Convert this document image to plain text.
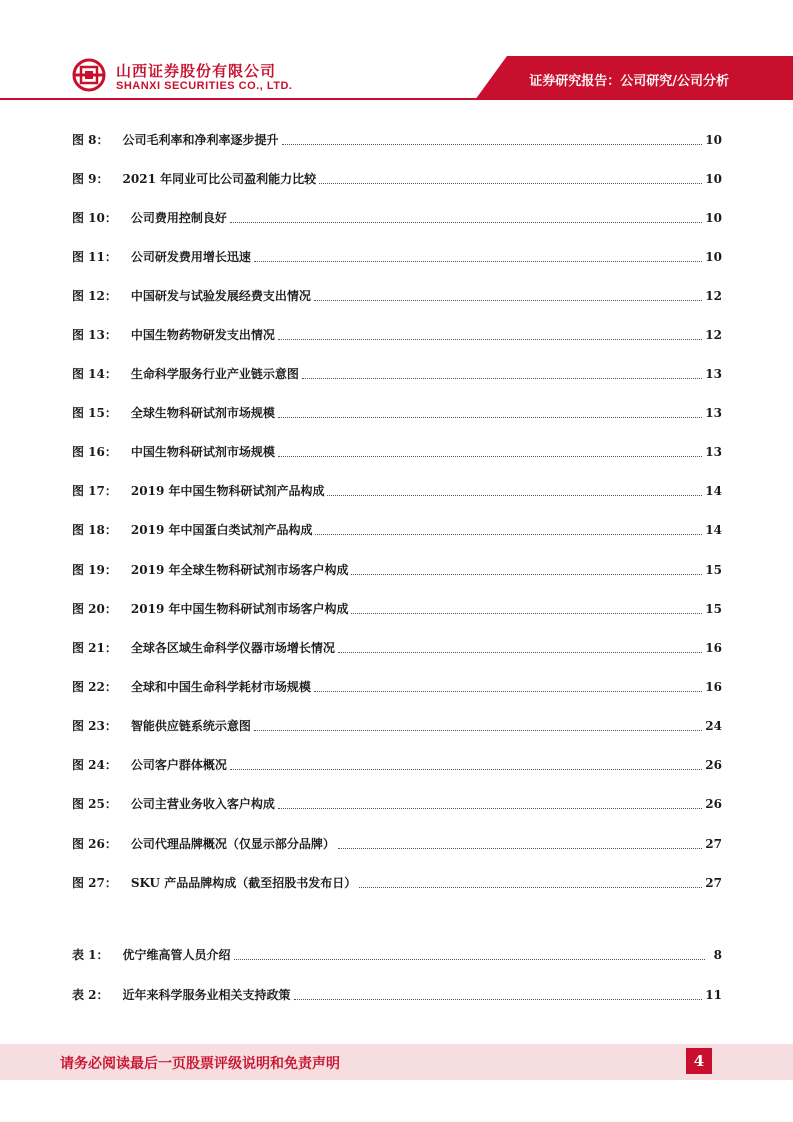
山西证券股份有限公司
SHANXI SECURITIES CO., LTD.	证券研究报告：公司研究/公司分析
图 8： 公司毛利率和净利率逐步提升	10
图 9： 2021 年同业可比公司盈利能力比较	10
图 10： 公司费用控制良好	10
图 11： 公司研发费用增长迅速	10
图 12： 中国研发与试验发展经费支出情况	12
图 13： 中国生物药物研发支出情况	12
图 14： 生命科学服务行业产业链示意图	13
图 15： 全球生物科研试剂市场规模	13
图 16： 中国生物科研试剂市场规模	13
图 17： 2019 年中国生物科研试剂产品构成	14
图 18： 2019 年中国蛋白类试剂产品构成	14
图 19： 2019 年全球生物科研试剂市场客户构成	15
图 20： 2019 年中国生物科研试剂市场客户构成	15
图 21： 全球各区域生命科学仪器市场增长情况	16
图 22： 全球和中国生命科学耗材市场规模	16
图 23： 智能供应链系统示意图	24
图 24： 公司客户群体概况	26
图 25： 公司主营业务收入客户构成	26
图 26： 公司代理品牌概况（仅显示部分品牌）	27
图 27： SKU 产品品牌构成（截至招股书发布日）	27
表 1： 优宁维高管人员介绍	8
表 2： 近年来科学服务业相关支持政策	11
请务必阅读最后一页股票评级说明和免责声明	4
